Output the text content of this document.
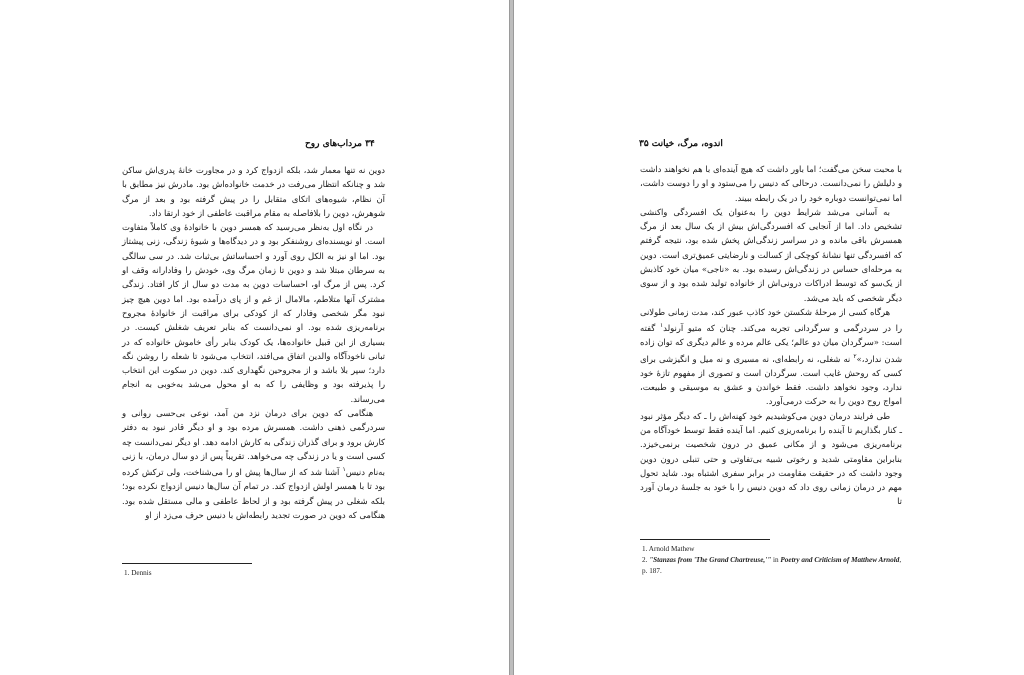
۳۴ مرداب‌های روح

دوین نه تنها معمار شد، بلکه ازدواج کرد و در مجاورت خانهٔ پدری‌اش ساکن شد و چنانکه انتظار می‌رفت در خدمت خانواده‌اش بود. مادرش نیز مطابق با آن نظام، شیوه‌های اتکای متقابل را در پیش گرفته بود و بعد از مرگ شوهرش، دوین را بلافاصله به مقام مراقبت عاطفی از خود ارتقا داد.

در نگاه اول به‌نظر می‌رسید که همسر دوین با خانوادهٔ وی کاملاً متفاوت است. او نویسنده‌ای روشنفکر بود و در دیدگاه‌ها و شیوهٔ زندگی، زنی پیشتاز بود. اما او نیز به الکل روی آورد و احساساتش بی‌ثبات شد. در سی سالگی به سرطان مبتلا شد و دوین تا زمان مرگ وی، خودش را وفادارانه وقف او کرد. پس از مرگ او، احساسات دوین به مدت دو سال از کار افتاد. زندگی مشترک آنها متلاطم، مالامال از غم و از پای درآمده بود. اما دوین هیچ چیز نبود مگر شخصی وفادار که از کودکی برای مراقبت از خانوادهٔ مجروح برنامه‌ریزی شده بود. او نمی‌دانست که بنابر تعریف شغلش کیست. در بسیاری از این قبیل خانواده‌ها، یک کودک بنابر رأی خاموش خانواده که در تبانی ناخودآگاه والدین اتفاق می‌افتد، انتخاب می‌شود تا شعله را روشن نگه دارد؛ سپر بلا باشد و از مجروحین نگهداری کند. دوین در سکوت این انتخاب را پذیرفته بود و وظایفی را که به او محول می‌شد به‌خوبی به انجام می‌رساند.

هنگامی که دوین برای درمان نزد من آمد، نوعی بی‌حسی روانی و سردرگمی ذهنی داشت. همسرش مرده بود و او دیگر قادر نبود به دفتر کارش برود و برای گذران زندگی به کارش ادامه دهد. او دیگر نمی‌دانست چه کسی است و یا در زندگی چه می‌خواهد. تقریباً پس از دو سال درمان، با زنی به‌نام دنیس$^۱$ آشنا شد که از سال‌ها پیش او را می‌شناخت، ولی ترکش کرده بود تا با همسر اولش ازدواج کند. در تمام آن سال‌ها دنیس ازدواج نکرده بود؛ بلکه شغلی در پیش گرفته بود و از لحاظ عاطفی و مالی مستقل شده بود. هنگامی که دوین در صورت تجدید رابطه‌اش با دنیس حرف می‌زد از او

1. Dennis
اندوه، مرگ، خیانت ۳۵

با محبت سخن می‌گفت؛ اما باور داشت که هیچ آینده‌ای با هم نخواهند داشت و دلیلش را نمی‌دانست. درحالی که دنیس را می‌ستود و او را دوست داشت، اما نمی‌توانست دوباره خود را در یک رابطه ببیند.

به آسانی می‌شد شرایط دوین را به‌عنوان یک افسردگی واکنشی تشخیص داد. اما از آنجایی که افسردگی‌اش بیش از یک سال بعد از مرگ همسرش باقی مانده و در سراسر زندگی‌اش پخش شده بود، نتیجه گرفتم که افسردگی تنها نشانهٔ کوچکی از کسالت و نارضایتی عمیق‌تری است. دوین به مرحله‌ای حساس در زندگی‌اش رسیده بود. به «ناجی» میان خود کاذبش از یک‌سو که توسط ادراکات درونی‌اش از خانواده تولید شده بود و از سوی دیگر شخصی که باید می‌شد.

هرگاه کسی از مرحلهٔ شکستن خود کاذب عبور کند، مدت زمانی طولانی را در سردرگمی و سرگردانی تجربه می‌کند. چنان که متیو آرنولد$^۱$ گفته است: «سرگردان میان دو عالم؛ یکی عالم مرده و عالم دیگری که توان زاده شدن ندارد،»$^۲$ نه شغلی، نه رابطه‌ای، نه مسیری و نه میل و انگیزشی برای کسی که روحش غایب است. سرگردان است و تصوری از مفهوم تازهٔ خود ندارد، وجود نخواهد داشت. فقط خواندن و عشق به موسیقی و طبیعت، امواج روح دوین را به حرکت درمی‌آورد.

طی فرایند درمان دوین می‌کوشیدیم خود کهنه‌اش را ـ که دیگر مؤثر نبود ـ کنار بگذاریم تا آینده را برنامه‌ریزی کنیم. اما آینده فقط توسط خودآگاه من برنامه‌ریزی می‌شود و از مکانی عمیق در درون شخصیت برنمی‌خیزد. بنابراین مقاومتی شدید و رخوتی شبیه بی‌تفاوتی و حتی تنبلی درون دوین وجود داشت که در حقیقت مقاومت در برابر سفری اشتباه بود. شاید تحول مهم در درمان زمانی روی داد که دوین دنیس را با خود به جلسهٔ درمان آورد تا

1. Arnold Mathew
2. "Stanzas from 'The Grand Chartreuse,'" in Poetry and Criticism of Matthew Arnold, p. 187.
